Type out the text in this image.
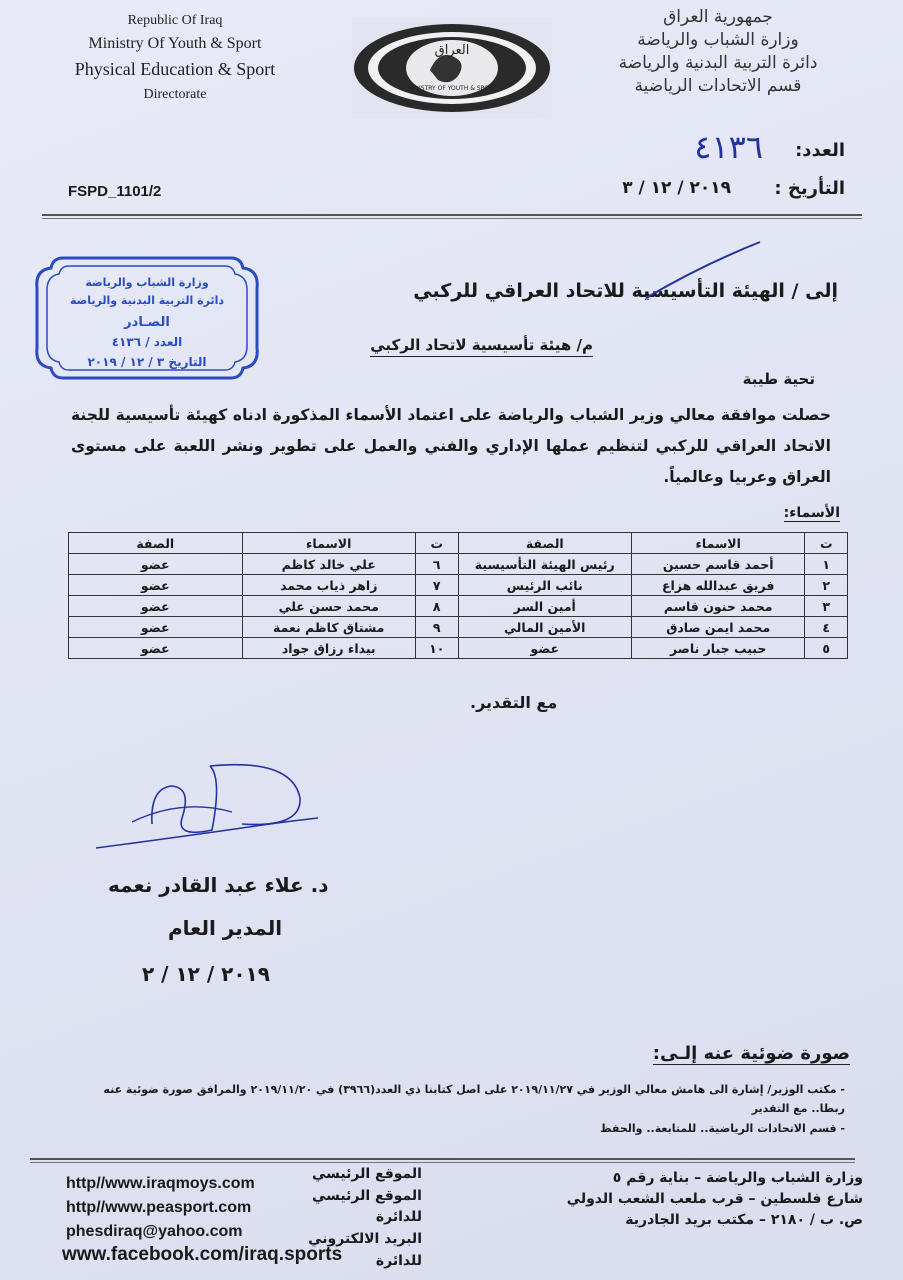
Republic Of Iraq
Ministry Of Youth & Sport
Physical Education & Sport
Directorate
العراق
MINISTRY OF YOUTH & SPORT
جمهورية العراق
وزارة الشباب والرياضة
دائرة التربية البدنية والرياضة
قسم الاتحادات الرياضية
العدد:
٤١٣٦
التأريخ :
٢٠١٩ / ١٢ / ٣
FSPD_1101/2
وزارة الشباب والرياضة
دائرة التربية البدنية والرياضة
الصـادر
العدد / ٤١٣٦
التاريخ ٣ / ١٢ / ٢٠١٩
إلى / الهيئة التأسيسية للاتحاد العراقي للركبي
م/ هيئة تأسيسية لاتحاد الركبي
تحية طيبة
حصلت موافقة معالي وزير الشباب والرياضة على اعتماد الأسماء المذكورة ادناه كهيئة تأسيسية للجنة الاتحاد العراقي للركبي لتنظيم عملها الإداري والفني والعمل على تطوير ونشر اللعبة على مستوى العراق وعربيا وعالمياً.
الأسماء:
ت	الاسماء	الصفة	ت	الاسماء	الصفة
١	أحمد قاسم حسين	رئيس الهيئة التأسيسية	٦	علي خالد كاظم	عضو
٢	فريق عبدالله هزاع	نائب الرئيس	٧	زاهر ذياب محمد	عضو
٣	محمد حنون قاسم	أمين السر	٨	محمد حسن علي	عضو
٤	محمد ايمن صادق	الأمين المالي	٩	مشتاق كاظم نعمة	عضو
٥	حبيب جبار ناصر	عضو	١٠	بيداء رزاق جواد	عضو
مع التقدير.
د. علاء عبد القادر نعمه
المدير العام
٢٠١٩ / ١٢ / ٢
صورة ضوئية عنه إلـى:
- مكتب الوزير/ إشارة الى هامش معالي الوزير في ٢٠١٩/١١/٢٧ على اصل كتابنا ذي العدد(٣٩٦٦) في ٢٠١٩/١١/٢٠ والمرافق صورة ضوئية عنه ربطا.. مع التقدير
- قسم الاتحادات الرياضية.. للمتابعة.. والحفظ
وزارة الشباب والرياضة – بناية رقم ٥
شارع فلسطين – قرب ملعب الشعب الدولي
ص. ب / ٢١٨٠ – مكتب بريد الجادرية
الموقع الرئيسي
الموقع الرئيسي للدائرة
البريد الالكتروني للدائرة
http//www.iraqmoys.com
http//www.peasport.com
phesdiraq@yahoo.com
www.facebook.com/iraq.sports
